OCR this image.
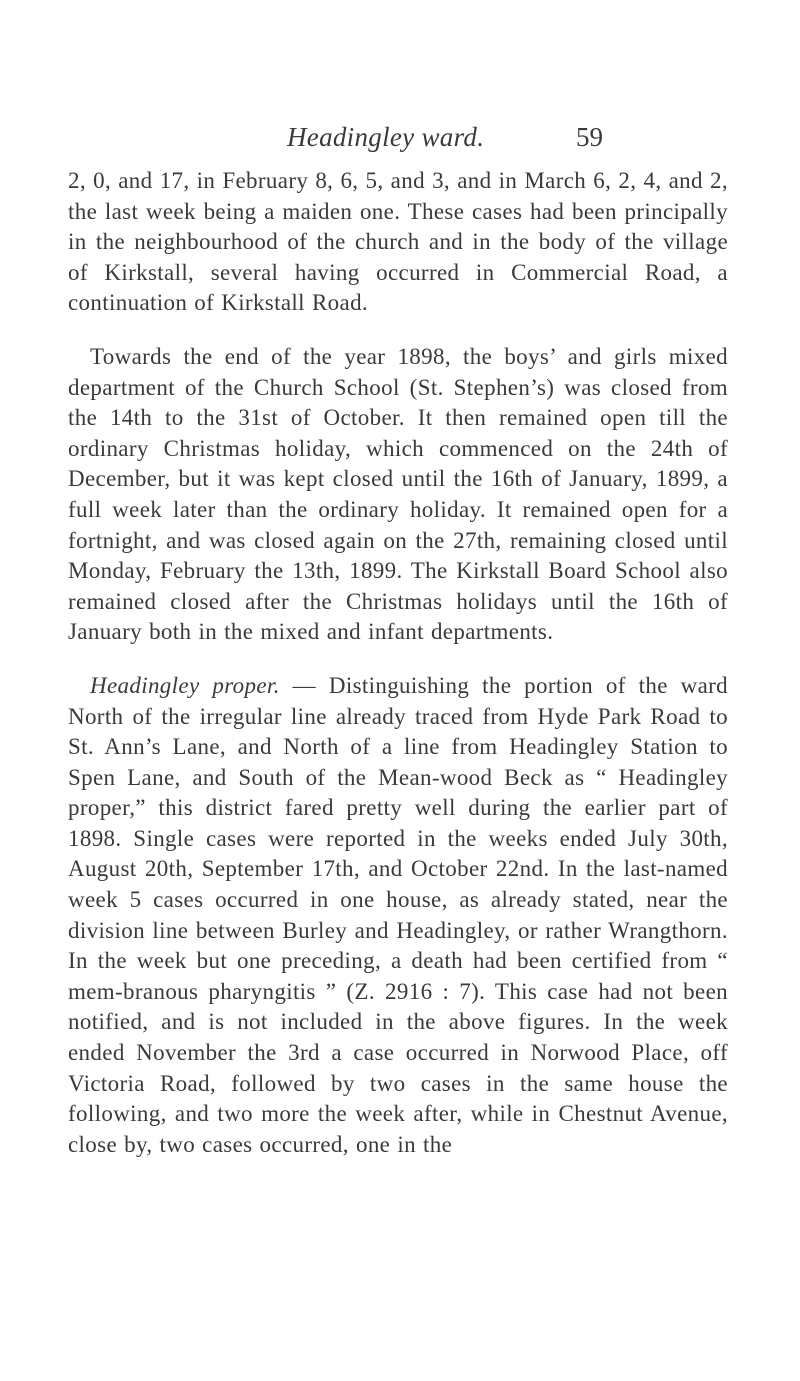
Headingley ward.	59

2, 0, and 17, in February 8, 6, 5, and 3, and in March 6, 2, 4, and 2, the last week being a maiden one. These cases had been principally in the neighbourhood of the church and in the body of the village of Kirkstall, several having occurred in Commercial Road, a continuation of Kirkstall Road.

Towards the end of the year 1898, the boys’ and girls mixed department of the Church School (St. Stephen’s) was closed from the 14th to the 31st of October. It then remained open till the ordinary Christmas holiday, which commenced on the 24th of December, but it was kept closed until the 16th of January, 1899, a full week later than the ordinary holiday. It remained open for a fortnight, and was closed again on the 27th, remaining closed until Monday, February the 13th, 1899. The Kirkstall Board School also remained closed after the Christmas holidays until the 16th of January both in the mixed and infant departments.

Headingley proper. — Distinguishing the portion of the ward North of the irregular line already traced from Hyde Park Road to St. Ann’s Lane, and North of a line from Headingley Station to Spen Lane, and South of the Mean-wood Beck as “ Headingley proper,” this district fared pretty well during the earlier part of 1898. Single cases were reported in the weeks ended July 30th, August 20th, September 17th, and October 22nd. In the last-named week 5 cases occurred in one house, as already stated, near the division line between Burley and Headingley, or rather Wrangthorn. In the week but one preceding, a death had been certified from “ mem-branous pharyngitis ” (Z. 2916 : 7). This case had not been notified, and is not included in the above figures. In the week ended November the 3rd a case occurred in Norwood Place, off Victoria Road, followed by two cases in the same house the following, and two more the week after, while in Chestnut Avenue, close by, two cases occurred, one in the
